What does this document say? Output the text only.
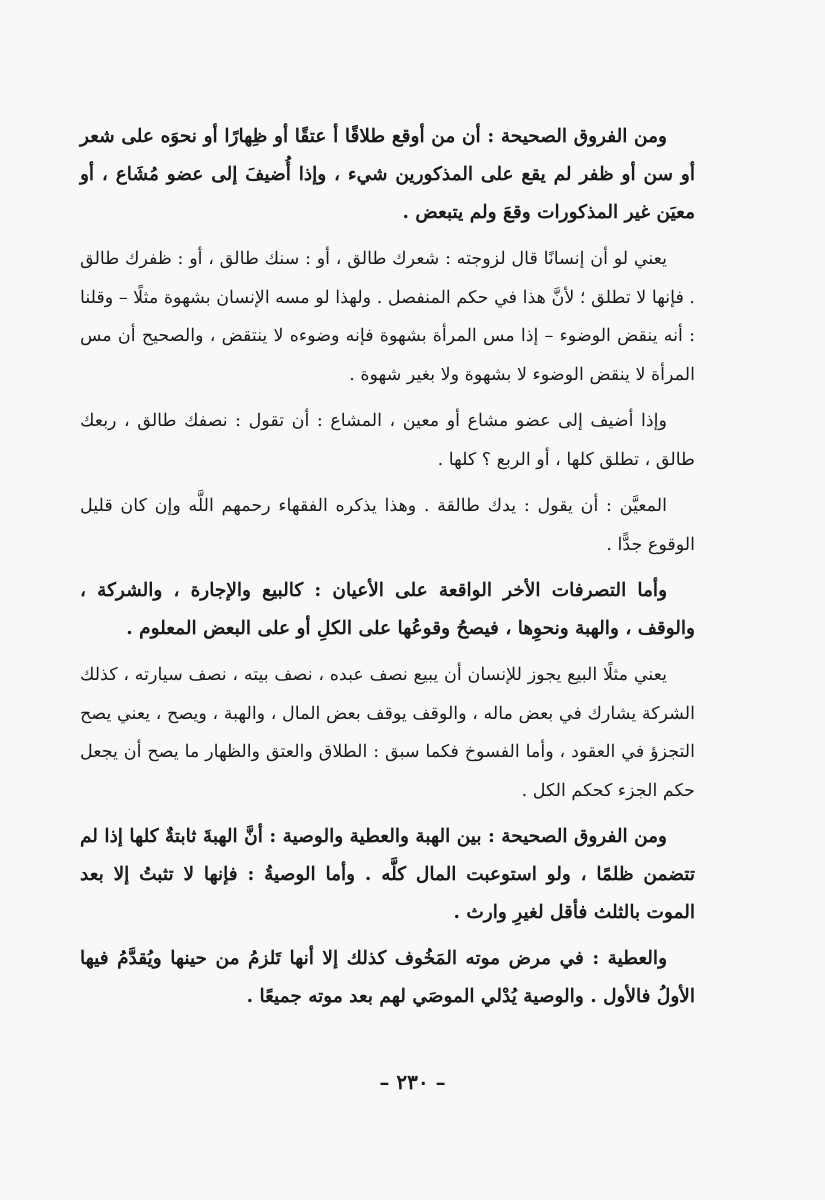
ومن الفروق الصحيحة : أن من أوقع طلاقًا أ عتقًا أو ظِهارًا أو نحوَه على شعر أو سن أو ظفر لم يقع على المذكورين شيء ، وإذا أُضيفَ إلى عضو مُشَاع ، أو معيَن غير المذكورات وقعَ ولم يتبعض .

يعني لو أن إنسانًا قال لزوجته : شعرك طالق ، أو : سنك طالق ، أو : ظفرك طالق . فإنها لا تطلق ؛ لأنَّ هذا في حكم المنفصل . ولهذا لو مسه الإنسان بشهوة مثلًا – وقلنا : أنه ينقض الوضوء – إذا مس المرأة بشهوة فإنه وضوءه لا ينتقض ، والصحيح أن مس المرأة لا ينقض الوضوء لا بشهوة ولا بغير شهوة .

وإذا أضيف إلى عضو مشاع أو معين ، المشاع : أن تقول : نصفك طالق ، ربعك طالق ، تطلق كلها ، أو الربع ؟ كلها .

المعيَّن : أن يقول : يدك طالقة . وهذا يذكره الفقهاء رحمهم اللَّه وإن كان قليل الوقوع جدًّا .

وأما التصرفات الأخر الواقعة على الأعيان : كالبيع والإجارة ، والشركة ، والوقف ، والهبة ونحوِها ، فيصحُ وقوعُها على الكلِ أو على البعض المعلوم .

يعني مثلًا البيع يجوز للإنسان أن يبيع نصف عبده ، نصف بيته ، نصف سيارته ، كذلك الشركة يشارك في بعض ماله ، والوقف يوقف بعض المال ، والهبة ، ويصح ، يعني يصح التجزؤ في العقود ، وأما الفسوخ فكما سبق : الطلاق والعتق والظهار ما يصح أن يجعل حكم الجزء كحكم الكل .

ومن الفروق الصحيحة : بين الهبة والعطية والوصية : أنَّ الهبةَ ثابتةٌ كلها إذا لم تتضمن ظلمًا ، ولو استوعبت المال كلَّه . وأما الوصيةُ : فإنها لا تثبتُ إلا بعد الموت بالثلث فأقل لغيرِ وارث .

والعطية : في مرض موته المَخُوف كذلك إلا أنها تَلزمُ من حينها ويُقدَّمُ فيها الأولُ فالأول . والوصية يُدْلي الموصَي لهم بعد موته جميعًا .

– ٢٣٠ –
